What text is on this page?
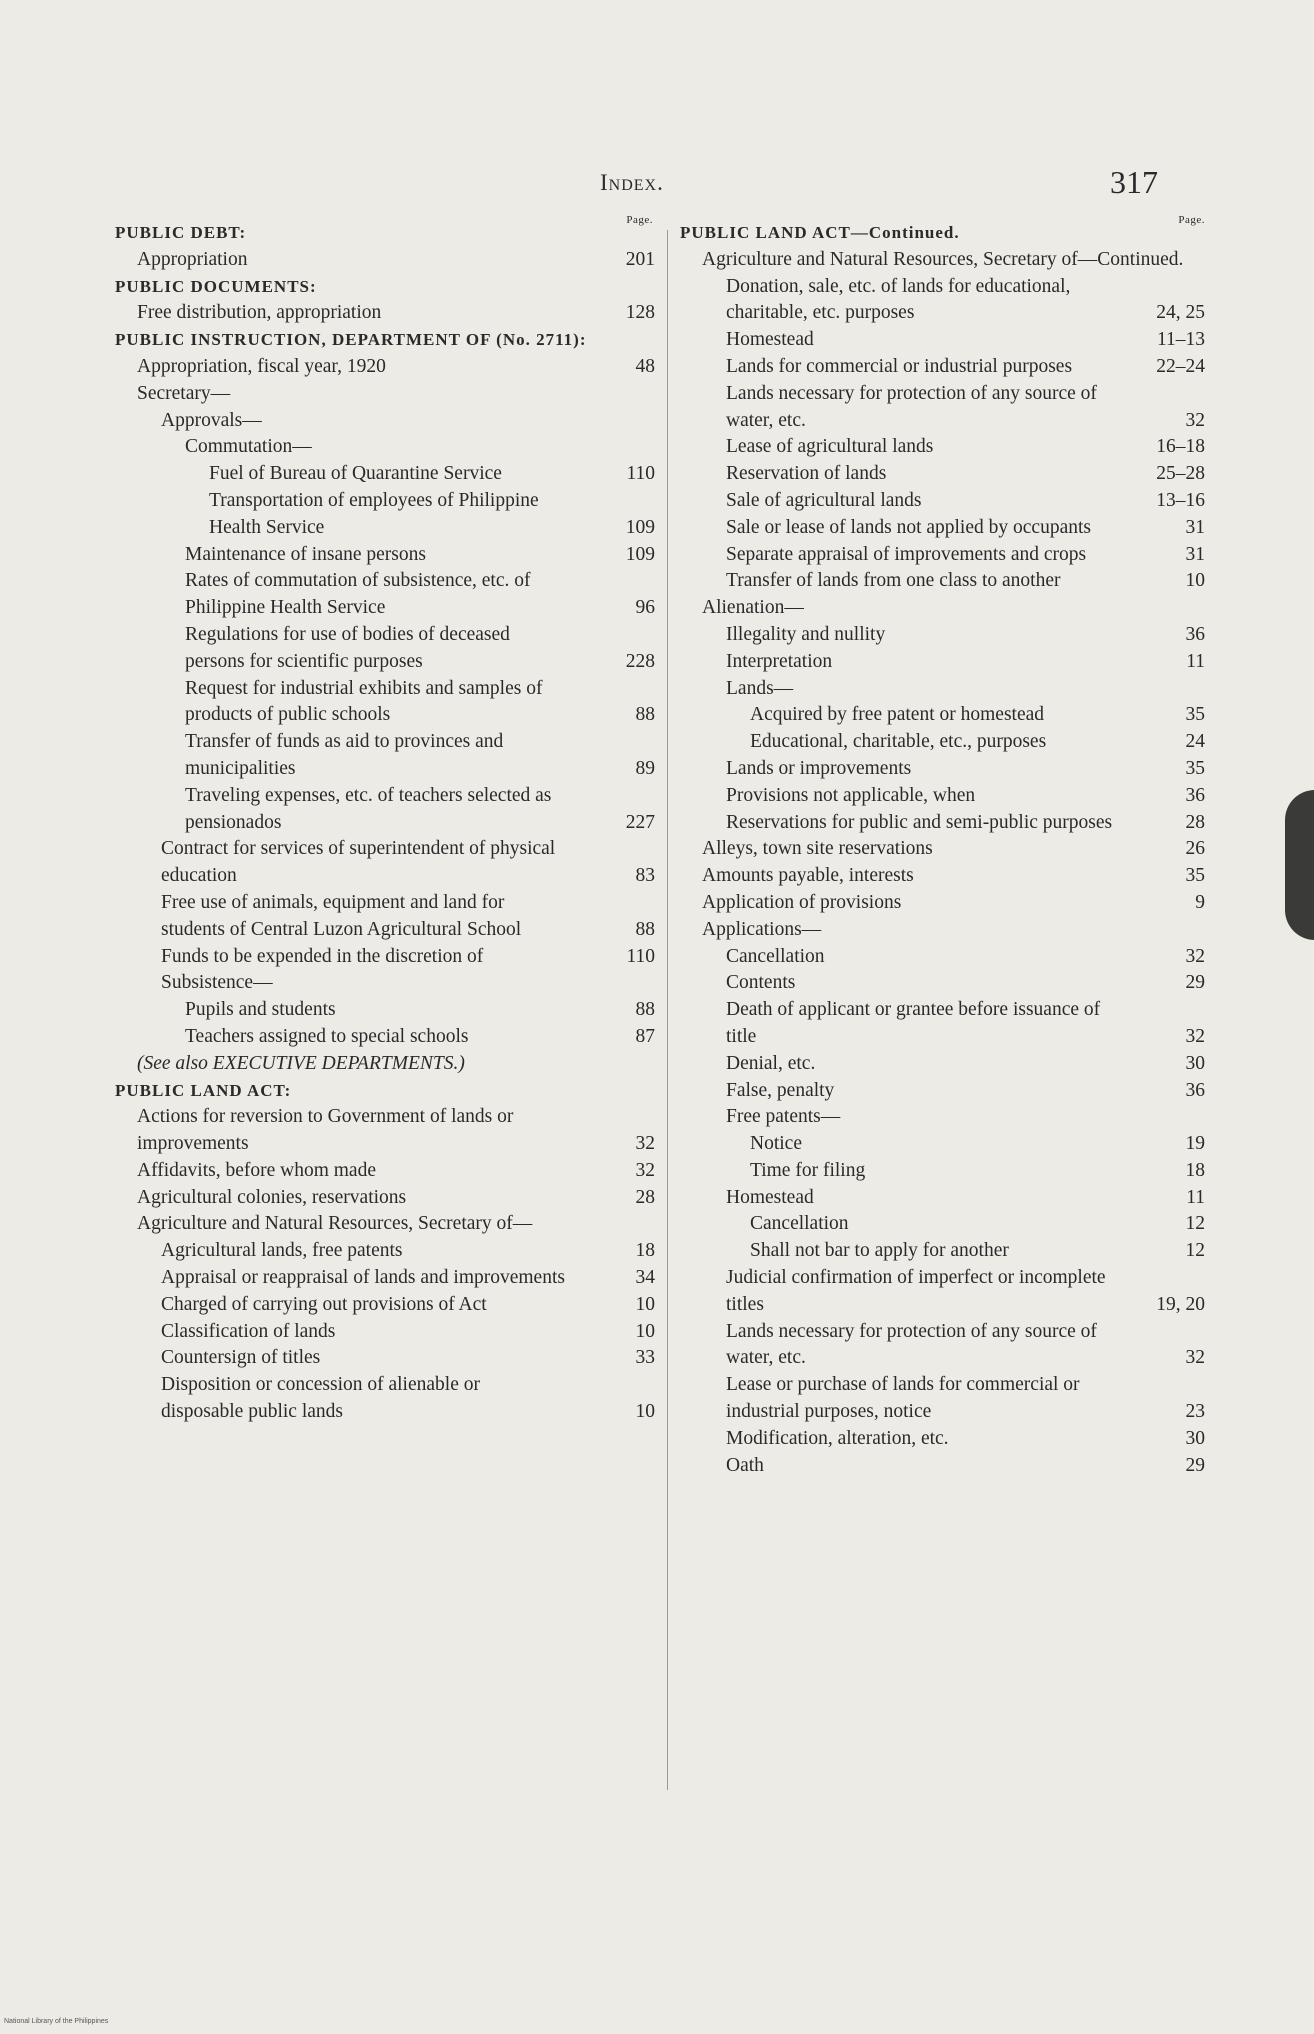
Index.	317
Page.
PUBLIC DEBT:
Appropriation	201
PUBLIC DOCUMENTS:
Free distribution, appropriation	128
PUBLIC INSTRUCTION, DEPARTMENT OF (No. 2711):
Appropriation, fiscal year, 1920	48
Secretary—
Approvals—
Commutation—
Fuel of Bureau of Quarantine Service	110
Transportation of employees of Philippine Health Service	109
Maintenance of insane persons	109
Rates of commutation of subsistence, etc. of Philippine Health Service	96
Regulations for use of bodies of deceased persons for scientific purposes	228
Request for industrial exhibits and samples of products of public schools	88
Transfer of funds as aid to provinces and municipalities	89
Traveling expenses, etc. of teachers selected as pensionados	227
Contract for services of superintendent of physical education	83
Free use of animals, equipment and land for students of Central Luzon Agricultural School	88
Funds to be expended in the discretion of	110
Subsistence—
Pupils and students	88
Teachers assigned to special schools	87
(See also EXECUTIVE DEPARTMENTS.)
PUBLIC LAND ACT:
Actions for reversion to Government of lands or improvements	32
Affidavits, before whom made	32
Agricultural colonies, reservations	28
Agriculture and Natural Resources, Secretary of—
Agricultural lands, free patents	18
Appraisal or reappraisal of lands and improvements	34
Charged of carrying out provisions of Act	10
Classification of lands	10
Countersign of titles	33
Disposition or concession of alienable or disposable public lands	10
Page.
PUBLIC LAND ACT—Continued.
Agriculture and Natural Resources, Secretary of—Continued.
Donation, sale, etc. of lands for educational, charitable, etc. purposes	24, 25
Homestead	11–13
Lands for commercial or industrial purposes	22–24
Lands necessary for protection of any source of water, etc.	32
Lease of agricultural lands	16–18
Reservation of lands	25–28
Sale of agricultural lands	13–16
Sale or lease of lands not applied by occupants	31
Separate appraisal of improvements and crops	31
Transfer of lands from one class to another	10
Alienation—
Illegality and nullity	36
Interpretation	11
Lands—
Acquired by free patent or homestead	35
Educational, charitable, etc., purposes	24
Lands or improvements	35
Provisions not applicable, when	36
Reservations for public and semi-public purposes	28
Alleys, town site reservations	26
Amounts payable, interests	35
Application of provisions	9
Applications—
Cancellation	32
Contents	29
Death of applicant or grantee before issuance of title	32
Denial, etc.	30
False, penalty	36
Free patents—
Notice	19
Time for filing	18
Homestead	11
Cancellation	12
Shall not bar to apply for another	12
Judicial confirmation of imperfect or incomplete titles	19, 20
Lands necessary for protection of any source of water, etc.	32
Lease or purchase of lands for commercial or industrial purposes, notice	23
Modification, alteration, etc.	30
Oath	29
National Library of the Philippines
